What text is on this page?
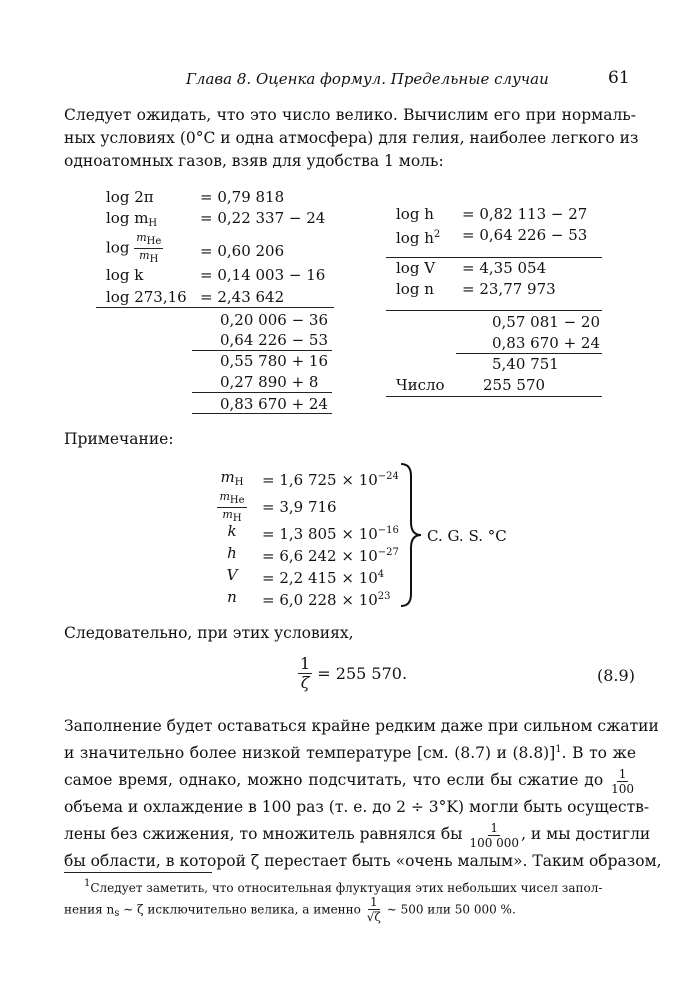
Глава 8. Оценка формул. Предельные случаи	61
Следует ожидать, что это число велико. Вычислим его при нормаль-
ных условиях (0°C и одна атмосфера) для гелия, наиболее легкого из
одноатомных газов, взяв для удобства 1 моль:
log 2π	= 0,79 818
$\log m_H$	= 0,22 337 − 24
$\log \frac{\text{mHe}}{mH} = 0,60$ 206
log k	= 0,14 003 − 16
log 273,16 = 2,43 642
0,20 006 − 36
0,64 226 − 53
0,55 780 + 16
0,27 890 + 8
0,83 670 + 24
log h = 0,82 113 − 27
$\log h^2 = 0,64$ 226 − 53
log V = 4,35 054
log n = 23,77 973
0,57 081 − 20
0,83 670 + 24
5,40 751
Число	255 570
Примечание:
$m_H$	= 1,6 $725 \times 10^{-24}$
$\frac{\text{mHe}}{mH} = 3,9$ 716
k	= 1,3 $805 \times 10^{-16}$
h	= 6,6 $242 \times 10^{-27}$
V	= 2,2 $415 \times 10^4$
n	= 6,0 $228 \times 10^{23}$
C. G. S. °C
Следовательно, при этих условиях,
$\frac{1}{\zeta} = 255$ 570.	(8.9)
Заполнение будет оставаться крайне редким даже при сильном сжатии
и значительно более низкой температуре [см. (8.7) и (8.8)]$^1$. В то же
самое время, однако, можно подсчитать, что если бы сжатие до $\frac{1}{100}$
объема и охлаждение в 100 раз (т. е. до 2 ÷ 3°K) могли быть осуществ-
лены без сжижения, то множитель равнялся бы $\frac{1}{100 000}$ , и мы достигли
бы области, в которой ζ перестает быть «очень малым». Таким образом,
$^1$Следует заметить, что относительная флуктуация этих небольших чисел запол-
нения $n_s$ ∼ ζ исключительно велика, а именно $\frac{1}{√\zeta}$ ∼ 500 или 50 000 %.
